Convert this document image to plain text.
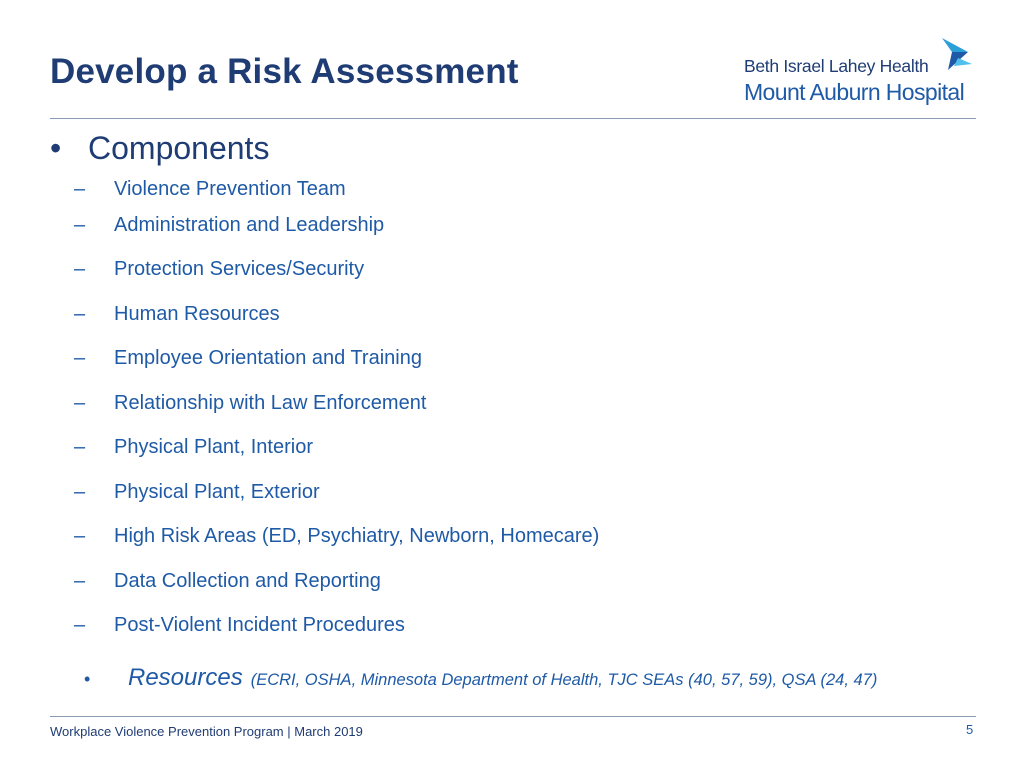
Develop a Risk Assessment	Beth Israel Lahey Health
Mount Auburn Hospital
• Components
–	Violence Prevention Team
–	Administration and Leadership
–	Protection Services/Security
–	Human Resources
–	Employee Orientation and Training
–	Relationship with Law Enforcement
–	Physical Plant, Interior
–	Physical Plant, Exterior
–	High Risk Areas (ED, Psychiatry, Newborn, Homecare)
–	Data Collection and Reporting
–	Post-Violent Incident Procedures
•	Resources (ECRI, OSHA, Minnesota Department of Health, TJC SEAs (40, 57, 59), QSA (24, 47)
Workplace Violence Prevention Program | March 2019	5
